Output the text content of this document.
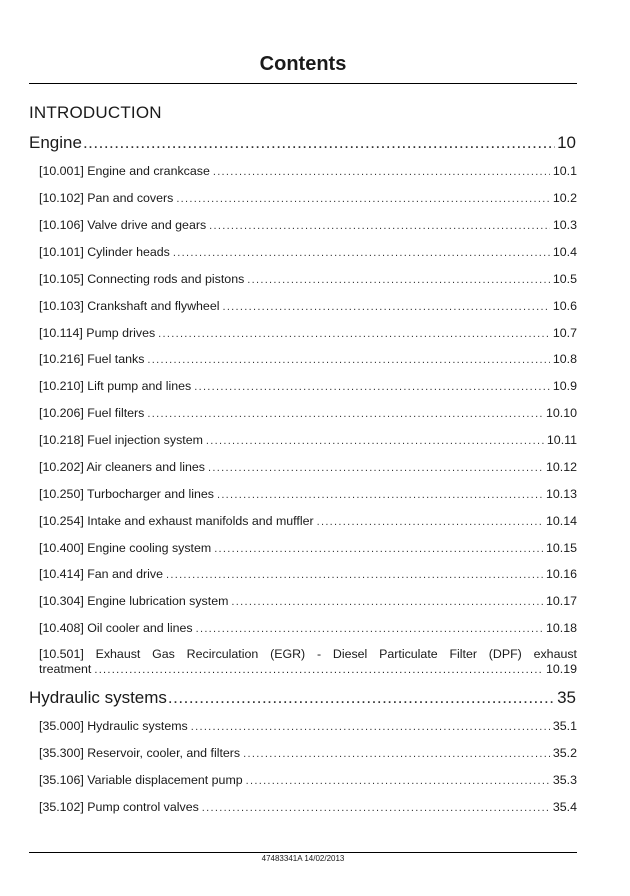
Contents
INTRODUCTION
Engine .....	10
[10.001] Engine and crankcase .....	10.1
[10.102] Pan and covers .....	10.2
[10.106] Valve drive and gears .....	10.3
[10.101] Cylinder heads .....	10.4
[10.105] Connecting rods and pistons .....	10.5
[10.103] Crankshaft and flywheel .....	10.6
[10.114] Pump drives .....	10.7
[10.216] Fuel tanks .....	10.8
[10.210] Lift pump and lines .....	10.9
[10.206] Fuel filters .....	10.10
[10.218] Fuel injection system .....	10.11
[10.202] Air cleaners and lines .....	10.12
[10.250] Turbocharger and lines .....	10.13
[10.254] Intake and exhaust manifolds and muffler .....	10.14
[10.400] Engine cooling system .....	10.15
[10.414] Fan and drive .....	10.16
[10.304] Engine lubrication system .....	10.17
[10.408] Oil cooler and lines .....	10.18
[10.501] Exhaust Gas Recirculation (EGR) - Diesel Particulate Filter (DPF) exhaust
treatment .....	10.19
Hydraulic systems .....	35
[35.000] Hydraulic systems .....	35.1
[35.300] Reservoir, cooler, and filters .....	35.2
[35.106] Variable displacement pump .....	35.3
[35.102] Pump control valves .....	35.4
47483341A 14/02/2013
